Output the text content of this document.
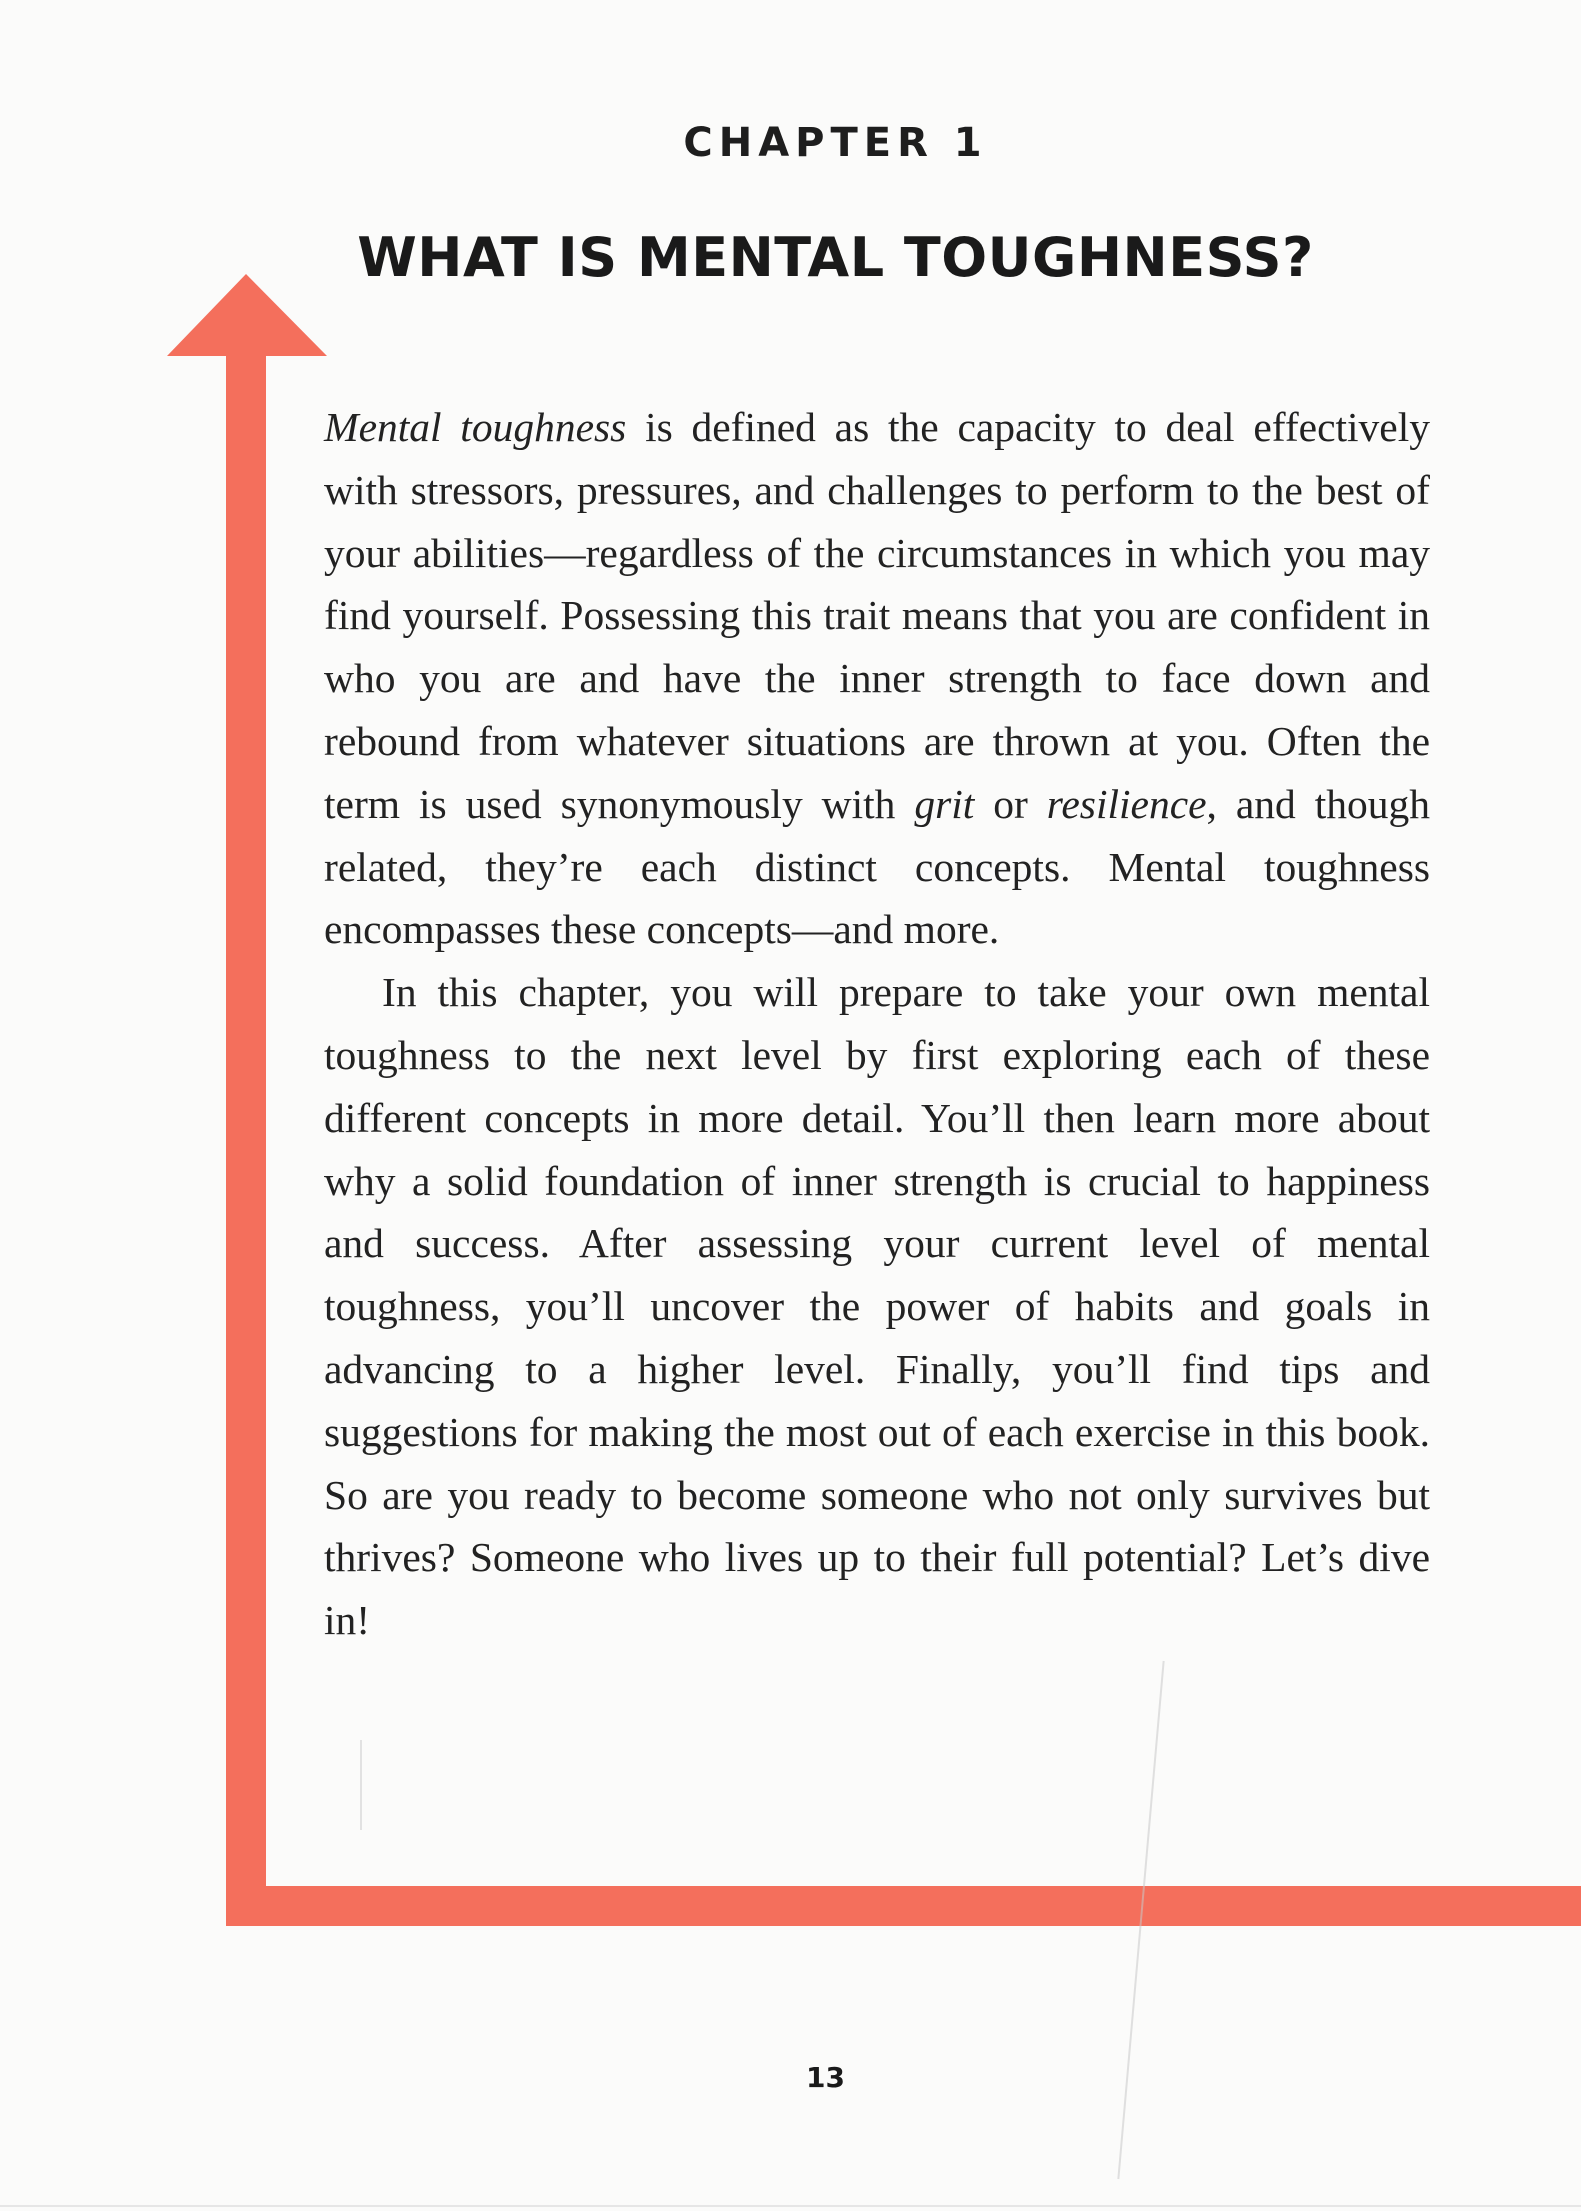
CHAPTER 1
WHAT IS MENTAL TOUGHNESS?

Mental toughness is defined as the capacity to deal effectively with stressors, pressures, and challenges to perform to the best of your abilities—regardless of the circumstances in which you may find yourself. Possessing this trait means that you are confident in who you are and have the inner strength to face down and rebound from whatever situations are thrown at you. Often the term is used synonymously with grit or resilience, and though related, they’re each distinct concepts. Mental toughness encompasses these concepts—and more.

In this chapter, you will prepare to take your own mental toughness to the next level by first exploring each of these different concepts in more detail. You’ll then learn more about why a solid foundation of inner strength is crucial to happiness and success. After assessing your current level of mental toughness, you’ll uncover the power of habits and goals in advancing to a higher level. Finally, you’ll find tips and suggestions for making the most out of each exercise in this book. So are you ready to become someone who not only survives but thrives? Someone who lives up to their full potential? Let’s dive in!

13
